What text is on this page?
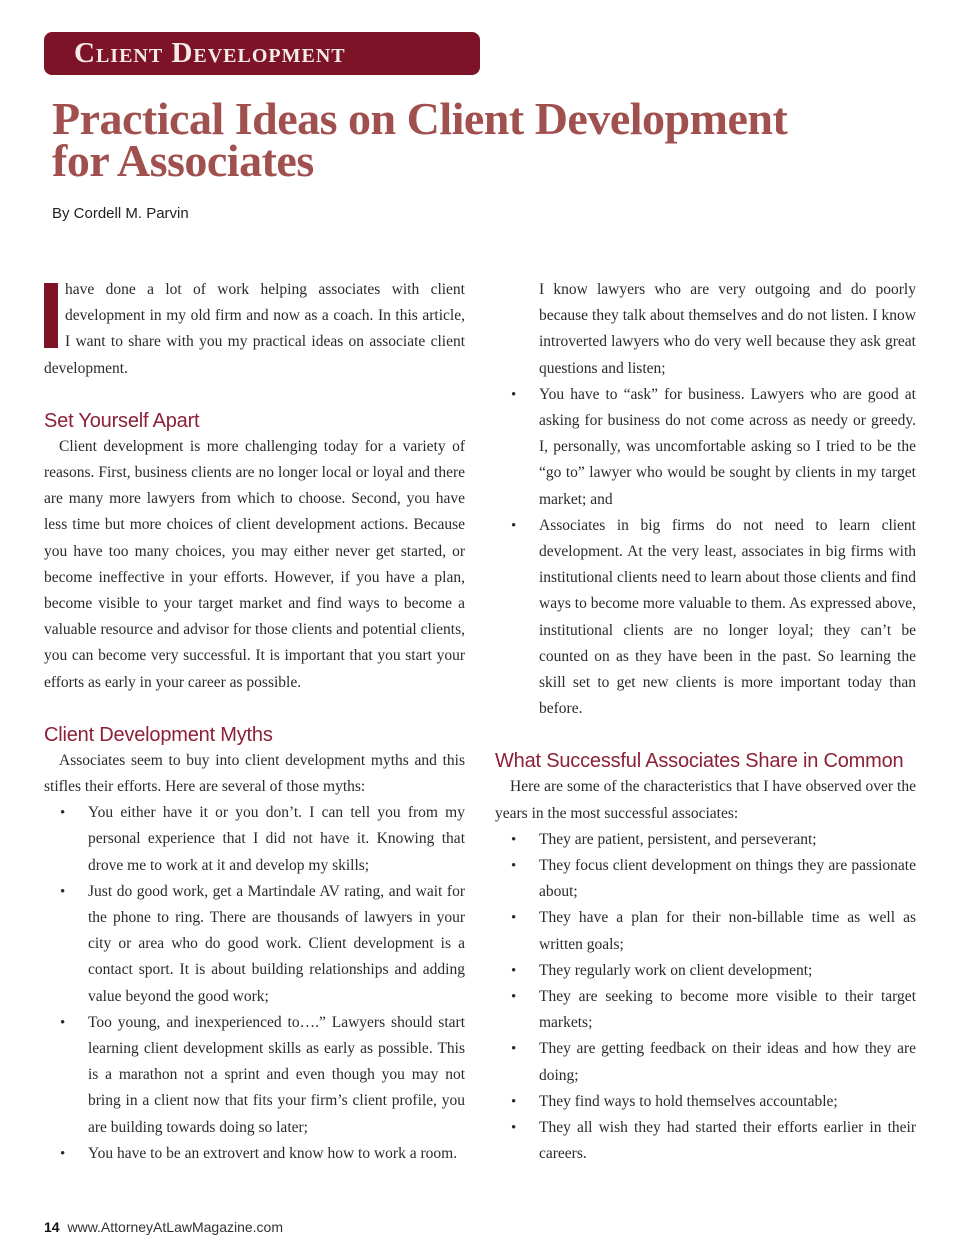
Client Development
Practical Ideas on Client Development
for Associates
By Cordell M. Parvin

have done a lot of work helping associates with client development in my old firm and now as a coach. In this article, I want to share with you my practical ideas on associate client development.

Set Yourself Apart

Client development is more challenging today for a variety of reasons. First, business clients are no longer local or loyal and there are many more lawyers from which to choose. Second, you have less time but more choices of client development actions. Because you have too many choices, you may either never get started, or become ineffective in your efforts. However, if you have a plan, become visible to your target market and find ways to become a valuable resource and advisor for those clients and potential clients, you can become very successful. It is important that you start your efforts as early in your career as possible.

Client Development Myths

Associates seem to buy into client development myths and this stifles their efforts. Here are several of those myths:

• You either have it or you don’t. I can tell you from my personal experience that I did not have it. Knowing that drove me to work at it and develop my skills;
• Just do good work, get a Martindale AV rating, and wait for the phone to ring. There are thousands of lawyers in your city or area who do good work. Client development is a contact sport. It is about building relationships and adding value beyond the good work;
• Too young, and inexperienced to….” Lawyers should start learning client development skills as early as possible. This is a marathon not a sprint and even though you may not bring in a client now that fits your firm’s client profile, you are building towards doing so later;
• You have to be an extrovert and know how to work a room.

I know lawyers who are very outgoing and do poorly because they talk about themselves and do not listen. I know introverted lawyers who do very well because they ask great questions and listen;

• You have to “ask” for business. Lawyers who are good at asking for business do not come across as needy or greedy. I, personally, was uncomfortable asking so I tried to be the “go to” lawyer who would be sought by clients in my target market; and
• Associates in big firms do not need to learn client development. At the very least, associates in big firms with institutional clients need to learn about those clients and find ways to become more valuable to them. As expressed above, institutional clients are no longer loyal; they can’t be counted on as they have been in the past. So learning the skill set to get new clients is more important today than before.
What Successful Associates Share in Common

Here are some of the characteristics that I have observed over the years in the most successful associates:

• They are patient, persistent, and perseverant;
• They focus client development on things they are passionate about;
• They have a plan for their non-billable time as well as written goals;
• They regularly work on client development;
• They are seeking to become more visible to their target markets;
• They are getting feedback on their ideas and how they are doing;
• They find ways to hold themselves accountable;
• They all wish they had started their efforts earlier in their careers.
14 www.AttorneyAtLawMagazine.com
